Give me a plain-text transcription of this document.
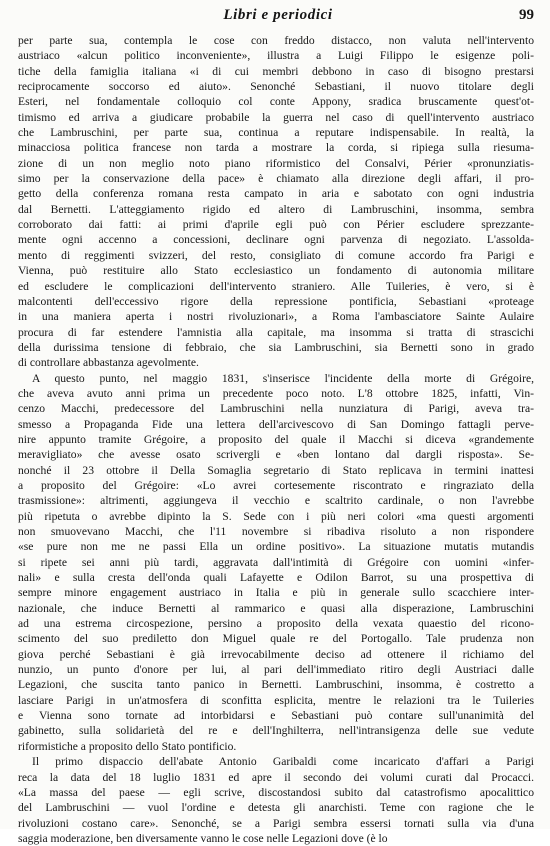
Libri e periodici	99
per parte sua, contempla le cose con freddo distacco, non valuta nell'intervento
austriaco «alcun politico inconveniente», illustra a Luigi Filippo le esigenze poli-
tiche della famiglia italiana «i di cui membri debbono in caso di bisogno prestarsi
reciprocamente soccorso ed aiuto». Senonché Sebastiani, il nuovo titolare degli
Esteri, nel fondamentale colloquio col conte Appony, sradica bruscamente quest'ot-
timismo ed arriva a giudicare probabile la guerra nel caso di quell'intervento austriaco
che Lambruschini, per parte sua, continua a reputare indispensabile. In realtà, la
minacciosa politica francese non tarda a mostrare la corda, si ripiega sulla riesuma-
zione di un non meglio noto piano riformistico del Consalvi, Périer «pronunziatis-
simo per la conservazione della pace» è chiamato alla direzione degli affari, il pro-
getto della conferenza romana resta campato in aria e sabotato con ogni industria
dal Bernetti. L'atteggiamento rigido ed altero di Lambruschini, insomma, sembra
corroborato dai fatti: ai primi d'aprile egli può con Périer escludere sprezzante-
mente ogni accenno a concessioni, declinare ogni parvenza di negoziato. L'assolda-
mento di reggimenti svizzeri, del resto, consigliato di comune accordo fra Parigi e
Vienna, può restituire allo Stato ecclesiastico un fondamento di autonomia militare
ed escludere le complicazioni dell'intervento straniero. Alle Tuileries, è vero, si è
malcontenti dell'eccessivo rigore della repressione pontificia, Sebastiani «proteage
in una maniera aperta i nostri rivoluzionari», a Roma l'ambasciatore Sainte Aulaire
procura di far estendere l'amnistia alla capitale, ma insomma si tratta di strascichi
della durissima tensione di febbraio, che sia Lambruschini, sia Bernetti sono in grado
di controllare abbastanza agevolmente.
A questo punto, nel maggio 1831, s'inserisce l'incidente della morte di Grégoire,
che aveva avuto anni prima un precedente poco noto. L'8 ottobre 1825, infatti, Vin-
cenzo Macchi, predecessore del Lambruschini nella nunziatura di Parigi, aveva tra-
smesso a Propaganda Fide una lettera dell'arcivescovo di San Domingo fattagli perve-
nire appunto tramite Grégoire, a proposito del quale il Macchi si diceva «grandemente
meravigliato» che avesse osato scrivergli e «ben lontano dal dargli risposta». Se-
nonché il 23 ottobre il Della Somaglia segretario di Stato replicava in termini inattesi
a proposito del Grégoire: «Lo avrei cortesemente riscontrato e ringraziato della
trasmissione»: altrimenti, aggiungeva il vecchio e scaltrito cardinale, o non l'avrebbe
più ripetuta o avrebbe dipinto la S. Sede con i più neri colori «ma questi argomenti
non smuovevano Macchi, che l'11 novembre si ribadiva risoluto a non rispondere
«se pure non me ne passi Ella un ordine positivo». La situazione mutatis mutandis
si ripete sei anni più tardi, aggravata dall'intimità di Grégoire con uomini «infer-
nali» e sulla cresta dell'onda quali Lafayette e Odilon Barrot, su una prospettiva di
sempre minore engagement austriaco in Italia e più in generale sullo scacchiere inter-
nazionale, che induce Bernetti al rammarico e quasi alla disperazione, Lambruschini
ad una estrema circospezione, persino a proposito della vexata quaestio del ricono-
scimento del suo prediletto don Miguel quale re del Portogallo. Tale prudenza non
giova perché Sebastiani è già irrevocabilmente deciso ad ottenere il richiamo del
nunzio, un punto d'onore per lui, al pari dell'immediato ritiro degli Austriaci dalle
Legazioni, che suscita tanto panico in Bernetti. Lambruschini, insomma, è costretto a
lasciare Parigi in un'atmosfera di sconfitta esplicita, mentre le relazioni tra le Tuileries
e Vienna sono tornate ad intorbidarsi e Sebastiani può contare sull'unanimità del
gabinetto, sulla solidarietà del re e dell'Inghilterra, nell'intransigenza delle sue vedute
riformistiche a proposito dello Stato pontificio.
Il primo dispaccio dell'abate Antonio Garibaldi come incaricato d'affari a Parigi
reca la data del 18 luglio 1831 ed apre il secondo dei volumi curati dal Procacci.
«La massa del paese — egli scrive, discostandosi subito dal catastrofismo apocalittico
del Lambruschini — vuol l'ordine e detesta gli anarchisti. Teme con ragione che le
rivoluzioni costano care». Senonché, se a Parigi sembra essersi tornati sulla via d'una
saggia moderazione, ben diversamente vanno le cose nelle Legazioni dove (è lo
